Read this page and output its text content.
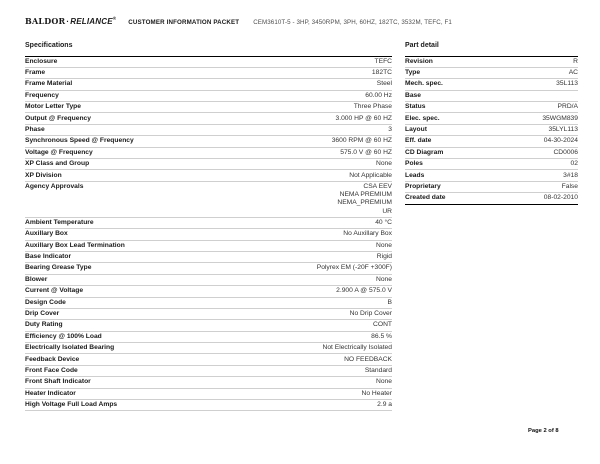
BALDOR·RELIANCE®
CUSTOMER INFORMATION PACKET CEM3610T-5 - 3HP, 3450RPM, 3PH, 60HZ, 182TC, 3532M, TEFC, F1
Specifications
Enclosure	TEFC
Frame	182TC
Frame Material	Steel
Frequency	60.00 Hz
Motor Letter Type	Three Phase
Output @ Frequency	3.000 HP @ 60 HZ
Phase	3
Synchronous Speed @ Frequency	3600 RPM @ 60 HZ
Voltage @ Frequency	575.0 V @ 60 HZ
XP Class and Group	None
XP Division	Not Applicable
Agency Approvals	CSA EEV
NEMA PREMIUM
NEMA_PREMIUM
UR
Ambient Temperature	40 °C
Auxillary Box	No Auxillary Box
Auxillary Box Lead Termination	None
Base Indicator	Rigid
Bearing Grease Type	Polyrex EM (-20F +300F)
Blower	None
Current @ Voltage	2.900 A @ 575.0 V
Design Code	B
Drip Cover	No Drip Cover
Duty Rating	CONT
Efficiency @ 100% Load	86.5 %
Electrically Isolated Bearing	Not Electrically Isolated
Feedback Device	NO FEEDBACK
Front Face Code	Standard
Front Shaft Indicator	None
Heater Indicator	No Heater
High Voltage Full Load Amps	2.9 a
Part detail
Revision	R
Type	AC
Mech. spec.	35L113
Base
Status	PRD/A
Elec. spec.	35WGM839
Layout	35LYL113
Eff. date	04-30-2024
CD Diagram	CD0006
Poles	02
Leads	3#18
Proprietary	False
Created date	08-02-2010
Page 2 of 8
